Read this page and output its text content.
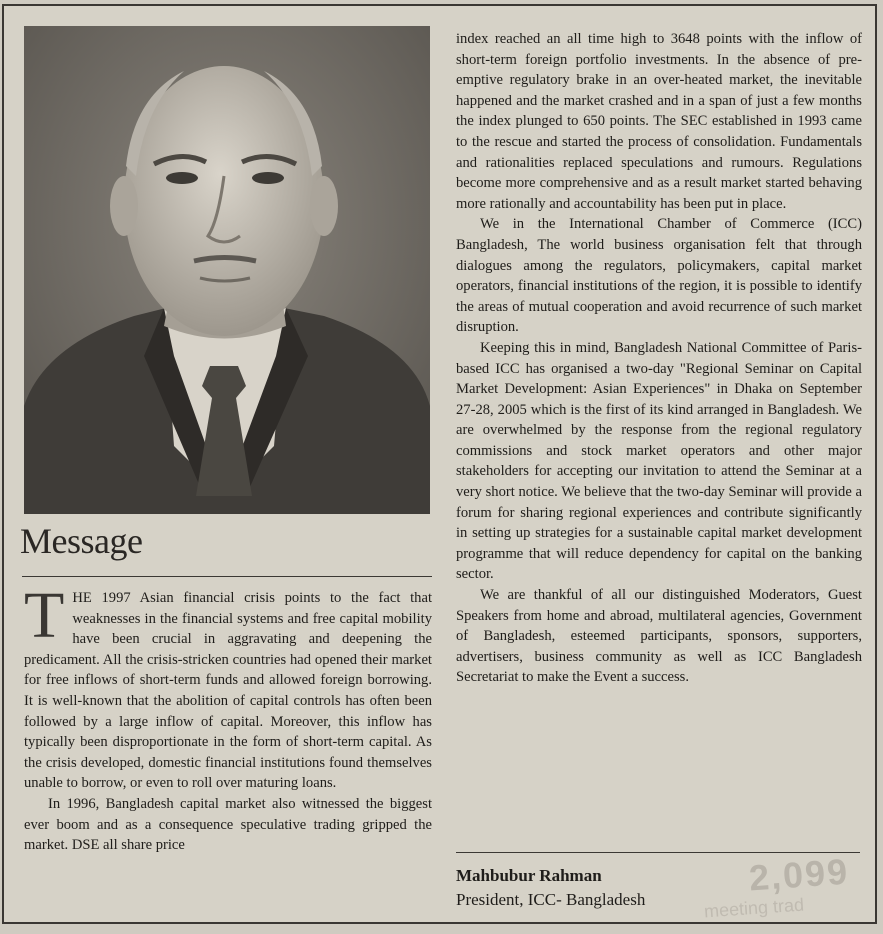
Message

THE 1997 Asian financial crisis points to the fact that weaknesses in the financial systems and free capital mobility have been crucial in aggravating and deepening the predicament. All the crisis-stricken countries had opened their market for free inflows of short-term funds and allowed foreign borrowing. It is well-known that the abolition of capital controls has often been followed by a large inflow of capital. Moreover, this inflow has typically been disproportionate in the form of short-term capital. As the crisis developed, domestic financial institutions found themselves unable to borrow, or even to roll over maturing loans.

In 1996, Bangladesh capital market also witnessed the biggest ever boom and as a consequence speculative trading gripped the market. DSE all share price

index reached an all time high to 3648 points with the inflow of short-term foreign portfolio investments. In the absence of pre-emptive regulatory brake in an over-heated market, the inevitable happened and the market crashed and in a span of just a few months the index plunged to 650 points. The SEC established in 1993 came to the rescue and started the process of consolidation. Fundamentals and rationalities replaced speculations and rumours. Regulations become more comprehensive and as a result market started behaving more rationally and accountability has been put in place.

We in the International Chamber of Commerce (ICC) Bangladesh, The world business organisation felt that through dialogues among the regulators, policymakers, capital market operators, financial institutions of the region, it is possible to identify the areas of mutual cooperation and avoid recurrence of such market disruption.

Keeping this in mind, Bangladesh National Committee of Paris-based ICC has organised a two-day "Regional Seminar on Capital Market Development: Asian Experiences" in Dhaka on September 27-28, 2005 which is the first of its kind arranged in Bangladesh. We are overwhelmed by the response from the regional regulatory commissions and stock market operators and other major stakeholders for accepting our invitation to attend the Seminar at a very short notice. We believe that the two-day Seminar will provide a forum for sharing regional experiences and contribute significantly in setting up strategies for a sustainable capital market development programme that will reduce dependency for capital on the banking sector.

We are thankful of all our distinguished Moderators, Guest Speakers from home and abroad, multilateral agencies, Government of Bangladesh, esteemed participants, sponsors, supporters, advertisers, business community as well as ICC Bangladesh Secretariat to make the Event a success.

2,099
meeting trad
Mahbubur Rahman
President, ICC- Bangladesh
